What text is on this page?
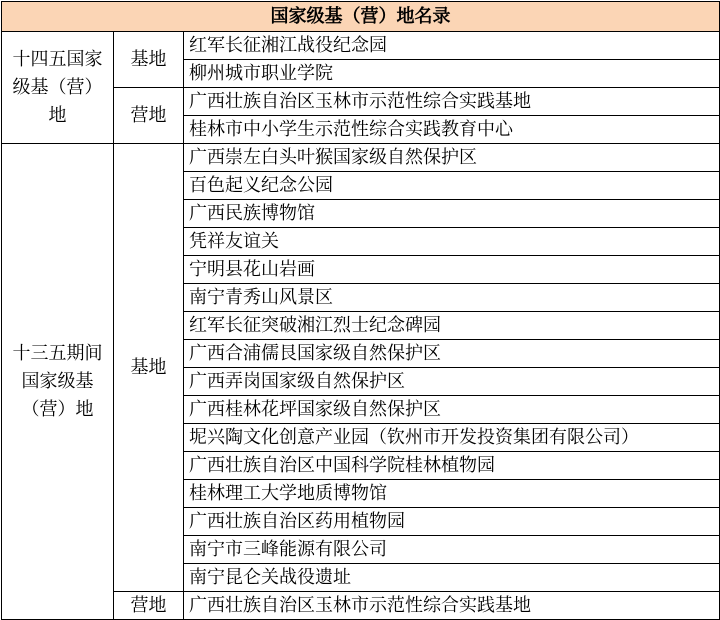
国家级基（营）地名录		
十四五国家级基（营）地	基地	红军长征湘江战役纪念园
		柳州城市职业学院
	营地	广西壮族自治区玉林市示范性综合实践基地
		桂林市中小学生示范性综合实践教育中心
十三五期间国家级基（营）地	基地	广西崇左白头叶猴国家级自然保护区
		百色起义纪念公园
		广西民族博物馆
		凭祥友谊关
		宁明县花山岩画
		南宁青秀山风景区
		红军长征突破湘江烈士纪念碑园
		广西合浦儒艮国家级自然保护区
		广西弄岗国家级自然保护区
		广西桂林花坪国家级自然保护区
		坭兴陶文化创意产业园（钦州市开发投资集团有限公司）
		广西壮族自治区中国科学院桂林植物园
		桂林理工大学地质博物馆
		广西壮族自治区药用植物园
		南宁市三峰能源有限公司
		南宁昆仑关战役遗址
	营地	广西壮族自治区玉林市示范性综合实践基地
